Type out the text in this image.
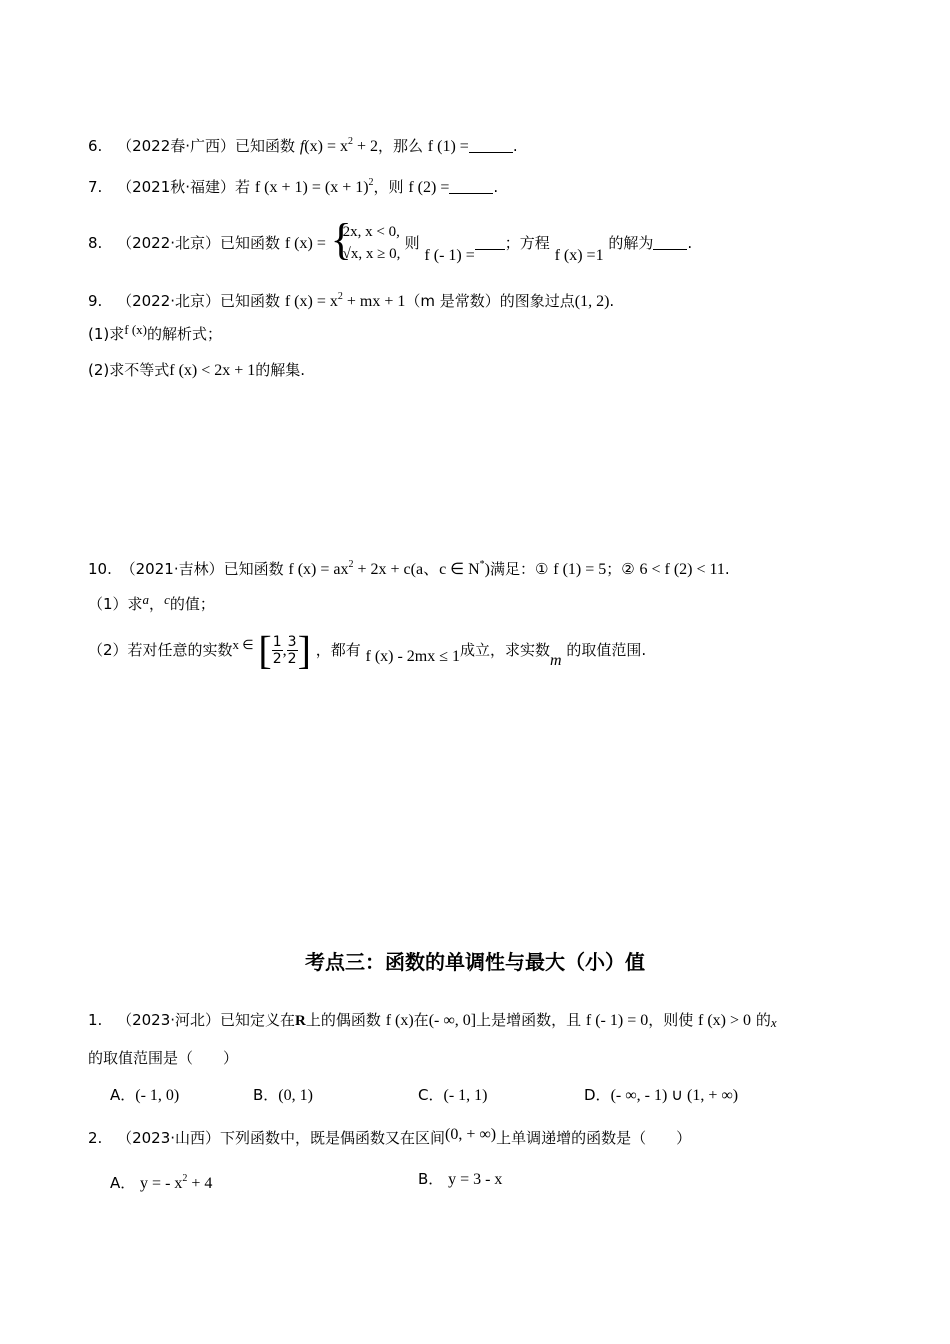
6. （2022春·广西）已知函数 $f(x) = x^2 + 2$，那么 f (1) =	.
7. （2021秋·福建）若 f $(x + 1) = (x + 1)^2$，则 f (2) =	.
8. （2022·北京）已知函数 f (x) = {
2x, x < 0,
√x, x ≥ 0,
则 f (- 1) =；方程 f (x) =1 的解为 .
9. （2022·北京）已知函数 f $(x) = x^2$ + mx + 1（m 是常数）的图象过点(1, 2).
(1)求f (x)的解析式；
(2)求不等式f (x) < 2x + 1的解集.
10. （2021·吉林）已知函数 f $(x) = ax^2 + 2x + c(a$、c ∈ N*)满足：① f (1) = 5；② 6 < f (2) < 11.
（1）求a，c的值；
（2）若对任意的实数x ∈ [ $\frac{1}{2}$ , $\frac{3}{2}$ ] ，都有 f (x) - 2mx ≤ 1成立，求实数m 的取值范围.
考点三：函数的单调性与最大（小）值
1. （2023·河北）已知定义在R上的偶函数 f (x)在(- ∞, 0]上是增函数，且 f (- 1) = 0，则使 f (x) > 0 的x
的取值范围是（　　）
A．(- 1, 0)	B．(0, 1)	C．(- 1, 1)	D．(- ∞, - 1) ∪ (1, + ∞)
2. （2023·山西）下列函数中，既是偶函数又在区间(0, + ∞)上单调递增的函数是（　　）
A． y = - $x^2 + 4$	B． y = 3 - x
